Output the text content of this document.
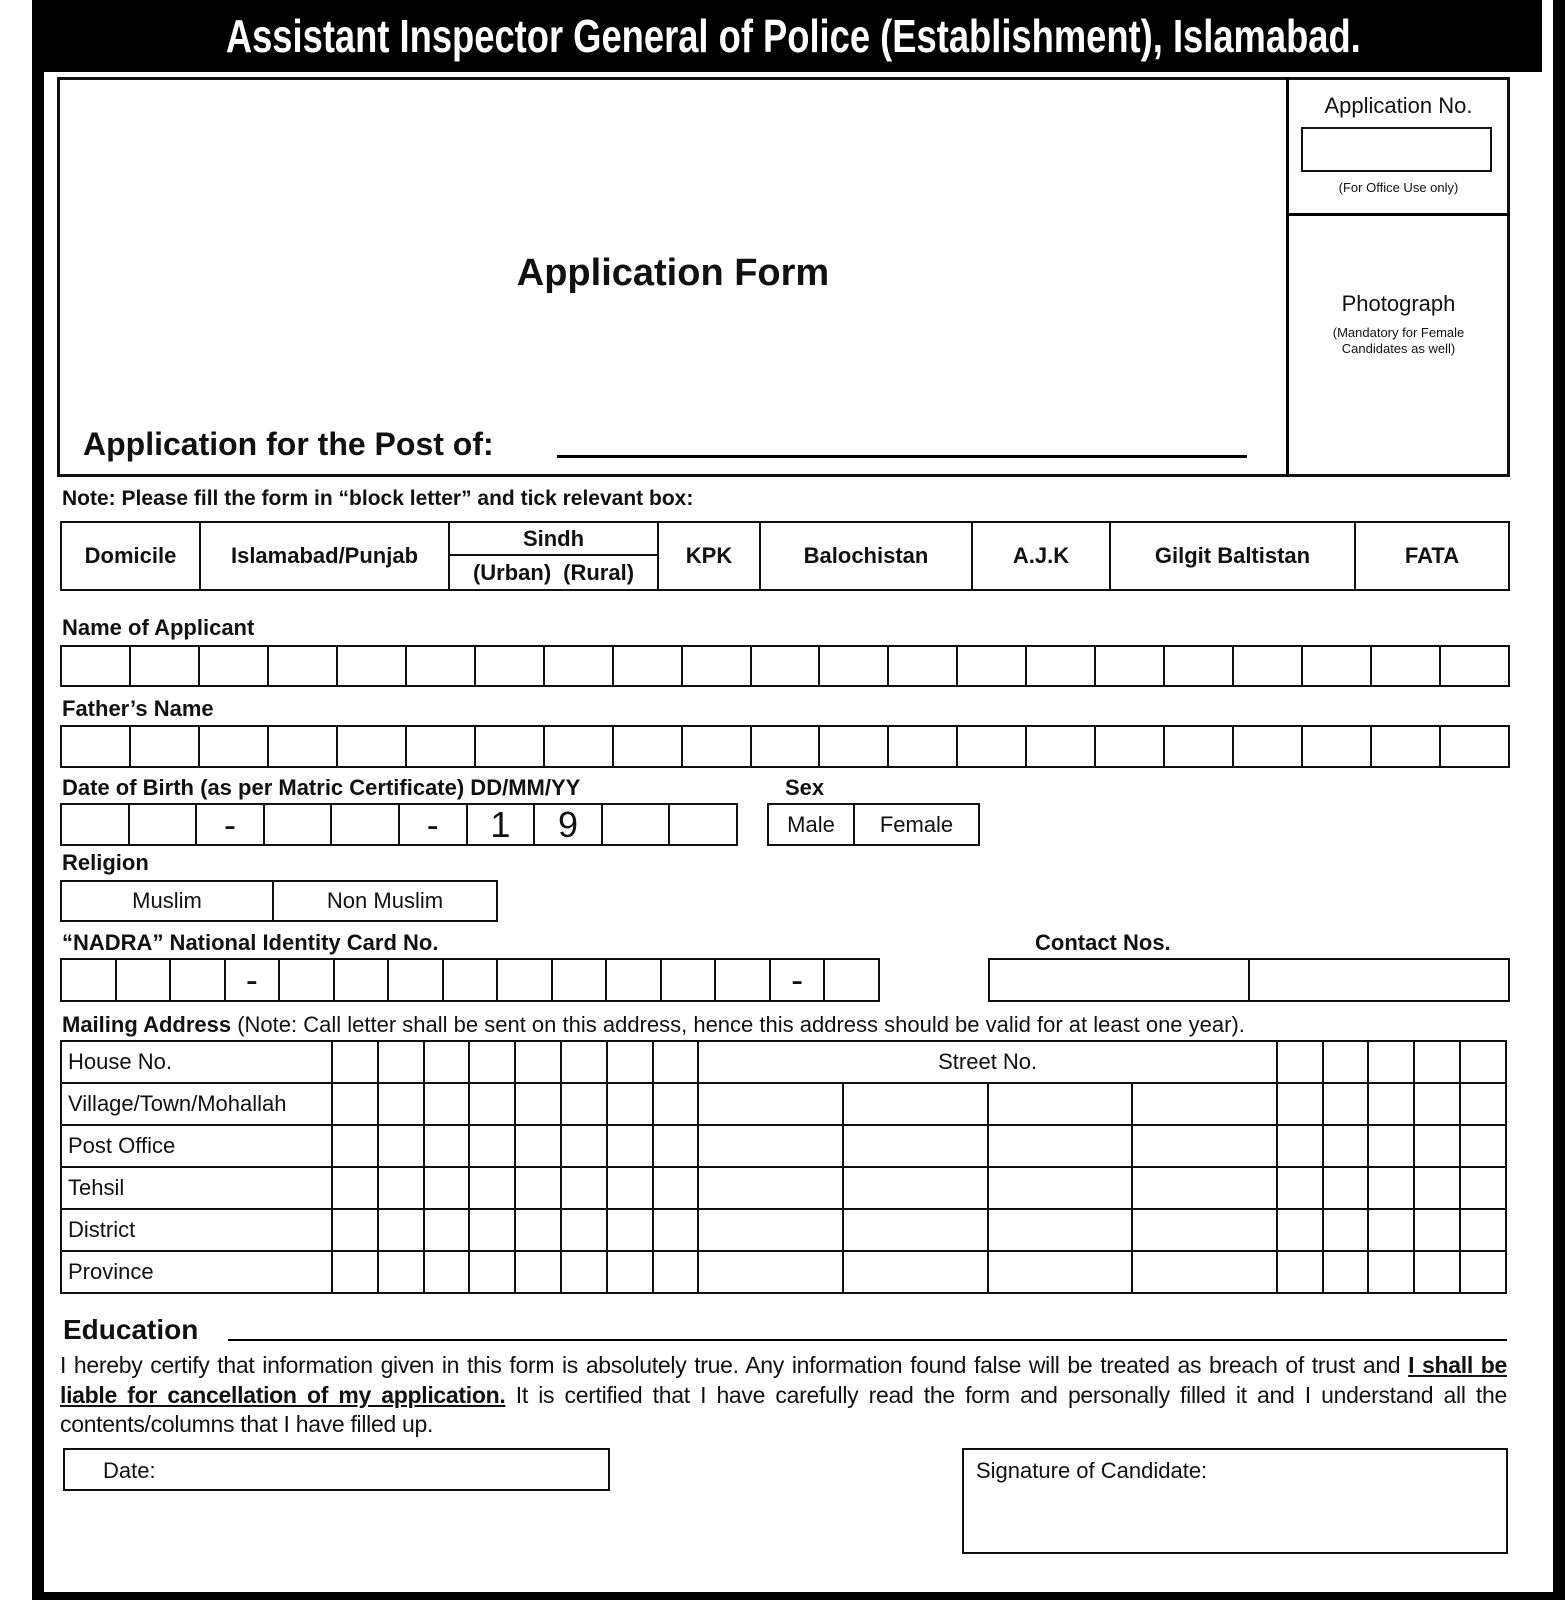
Assistant Inspector General of Police (Establishment), Islamabad.
Application No.
(For Office Use only)
Photograph
(Mandatory for Female
Candidates as well)
Application Form
Application for the Post of:
Note: Please fill the form in “block letter” and tick relevant box:
Domicile	Islamabad/Punjab
Sindh
(Urban) (Rural)
KPK	Balochistan	A.J.K	Gilgit Baltistan	FATA
Name of Applicant
Father’s Name
Date of Birth (as per Matric Certificate) DD/MM/YY
-	-	1	9
Sex
Male	Female
Religion
Muslim	Non Muslim
“NADRA” National Identity Card No.
-	-
Contact Nos.
Mailing Address (Note: Call letter shall be sent on this address, hence this address should be valid for at least one year).
House No.									Street No.								
Village/Town/Mohallah																	
Post Office																	
Tehsil																	
District																	
Province																	
Education
I hereby certify that information given in this form is absolutely true. Any information found false will be treated as breach of trust and I shall be liable for cancellation of my application. It is certified that I have carefully read the form and personally filled it and I understand all the contents/columns that I have filled up.
Date:	Signature of Candidate:
